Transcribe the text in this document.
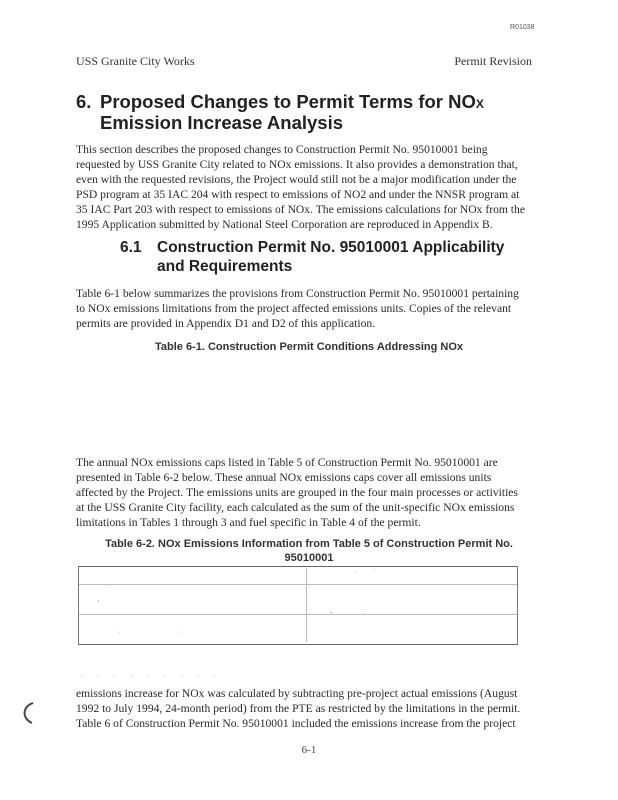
R01038
USS Granite City Works	Permit Revision
6. Proposed Changes to Permit Terms for NOX
Emission Increase Analysis
This section describes the proposed changes to Construction Permit No. 95010001 being
requested by USS Granite City related to NOx emissions. It also provides a demonstration that,
even with the requested revisions, the Project would still not be a major modification under the
PSD program at 35 IAC 204 with respect to emissions of NO2 and under the NNSR program at
35 IAC Part 203 with respect to emissions of NOx. The emissions calculations for NOx from the
1995 Application submitted by National Steel Corporation are reproduced in Appendix B.
6.1 Construction Permit No. 95010001 Applicability
and Requirements
Table 6-1 below summarizes the provisions from Construction Permit No. 95010001 pertaining
to NOx emissions limitations from the project affected emissions units. Copies of the relevant
permits are provided in Appendix D1 and D2 of this application.
Table 6-1. Construction Permit Conditions Addressing NOx
The annual NOx emissions caps listed in Table 5 of Construction Permit No. 95010001 are
presented in Table 6-2 below. These annual NOx emissions caps cover all emissions units
affected by the Project. The emissions units are grouped in the four main processes or activities
at the USS Granite City facility, each calculated as the sum of the unit-specific NOx emissions
limitations in Tables 1 through 3 and fuel specific in Table 4 of the permit.
Table 6-2. NOx Emissions Information from Table 5 of Construction Permit No.
95010001
·	˙
·
'
-	·
·	·
· · · · · · · · ·
emissions increase for NOx was calculated by subtracting pre-project actual emissions (August
1992 to July 1994, 24-month period) from the PTE as restricted by the limitations in the permit.
Table 6 of Construction Permit No. 95010001 included the emissions increase from the project
6-1
